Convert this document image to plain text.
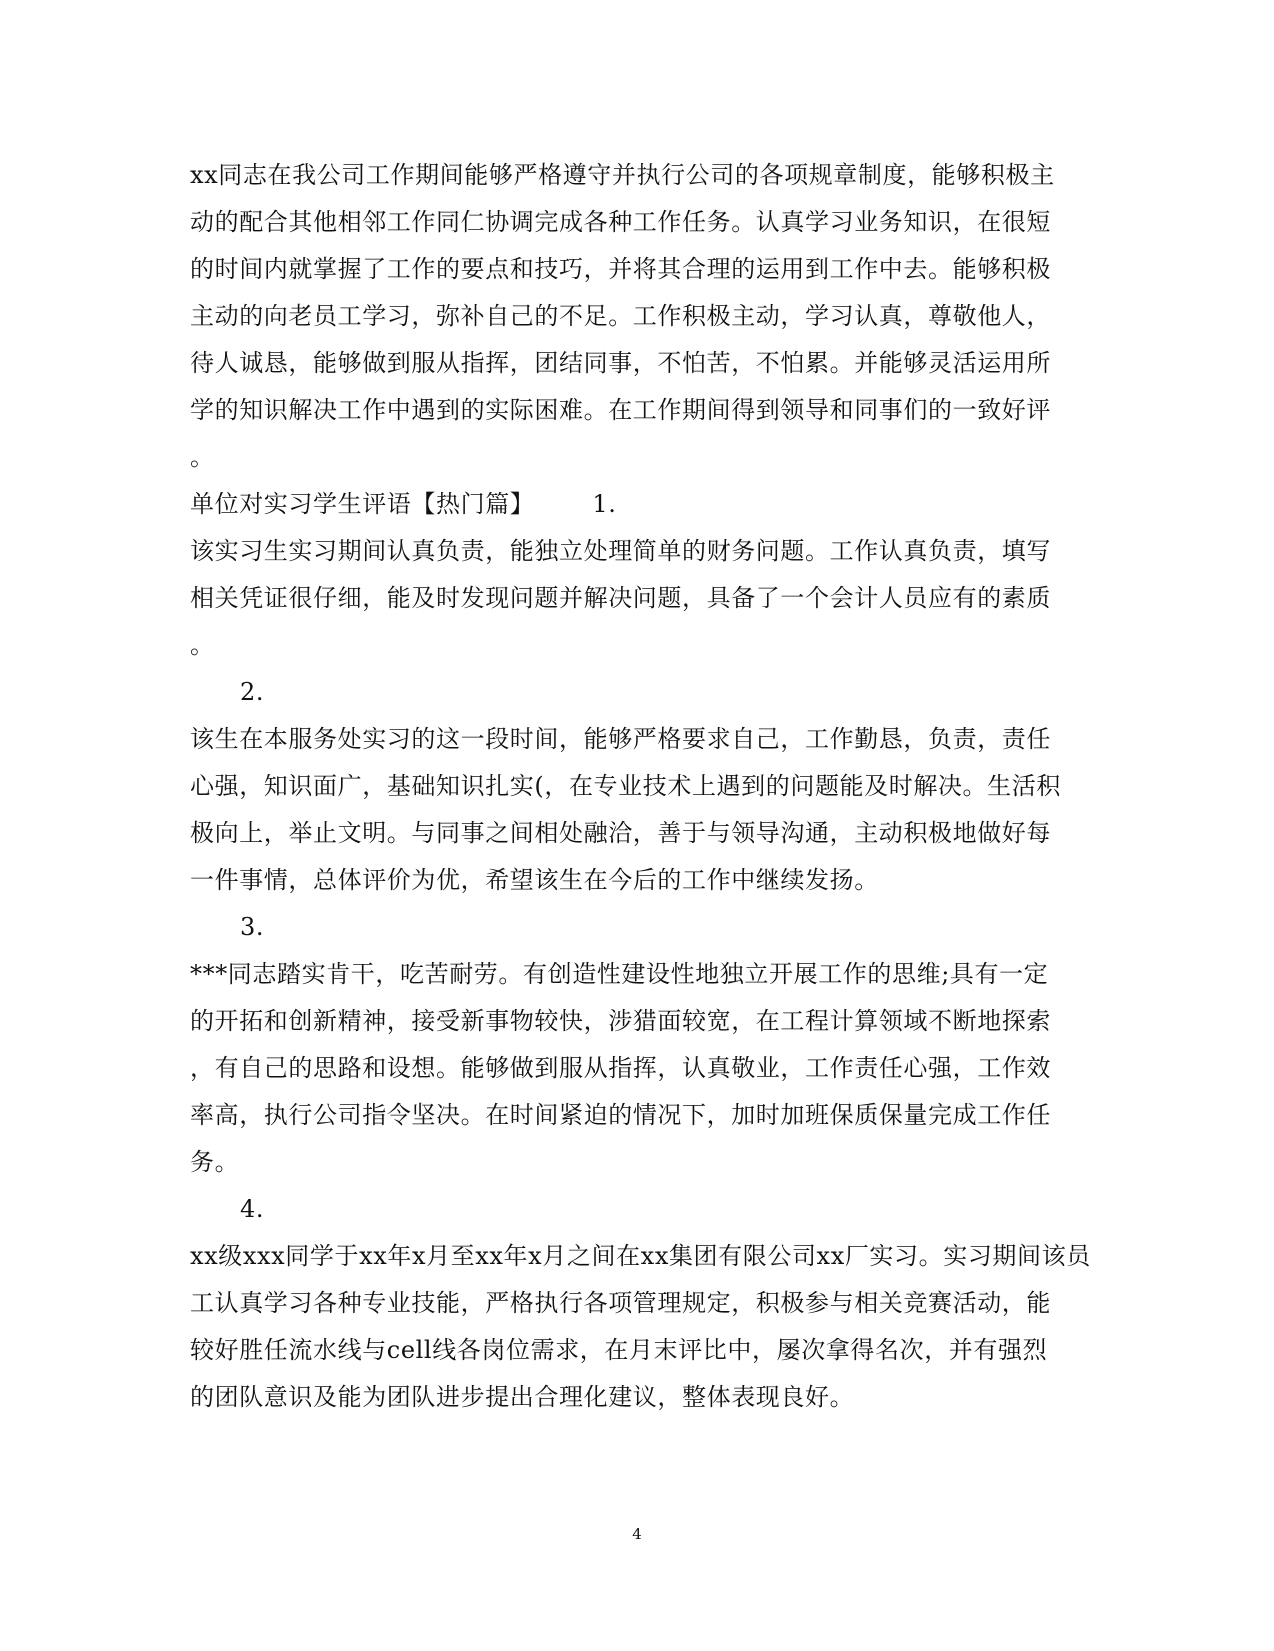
xx同志在我公司工作期间能够严格遵守并执行公司的各项规章制度，能够积极主
动的配合其他相邻工作同仁协调完成各种工作任务。认真学习业务知识，在很短
的时间内就掌握了工作的要点和技巧，并将其合理的运用到工作中去。能够积极
主动的向老员工学习，弥补自己的不足。工作积极主动，学习认真，尊敬他人，
待人诚恳，能够做到服从指挥，团结同事，不怕苦，不怕累。并能够灵活运用所
学的知识解决工作中遇到的实际困难。在工作期间得到领导和同事们的一致好评
。
单位对实习学生评语【热门篇】 1.
该实习生实习期间认真负责，能独立处理简单的财务问题。工作认真负责，填写
相关凭证很仔细，能及时发现问题并解决问题，具备了一个会计人员应有的素质
。
2.
该生在本服务处实习的这一段时间，能够严格要求自己，工作勤恳，负责，责任
心强，知识面广，基础知识扎实(，在专业技术上遇到的问题能及时解决。生活积
极向上，举止文明。与同事之间相处融洽，善于与领导沟通，主动积极地做好每
一件事情，总体评价为优，希望该生在今后的工作中继续发扬。
3.
***同志踏实肯干，吃苦耐劳。有创造性建设性地独立开展工作的思维;具有一定
的开拓和创新精神，接受新事物较快，涉猎面较宽，在工程计算领域不断地探索
，有自己的思路和设想。能够做到服从指挥，认真敬业，工作责任心强，工作效
率高，执行公司指令坚决。在时间紧迫的情况下，加时加班保质保量完成工作任
务。
4.
xx级xxx同学于xx年x月至xx年x月之间在xx集团有限公司xx厂实习。实习期间该员
工认真学习各种专业技能，严格执行各项管理规定，积极参与相关竞赛活动，能
较好胜任流水线与cell线各岗位需求，在月末评比中，屡次拿得名次，并有强烈
的团队意识及能为团队进步提出合理化建议，整体表现良好。
4
